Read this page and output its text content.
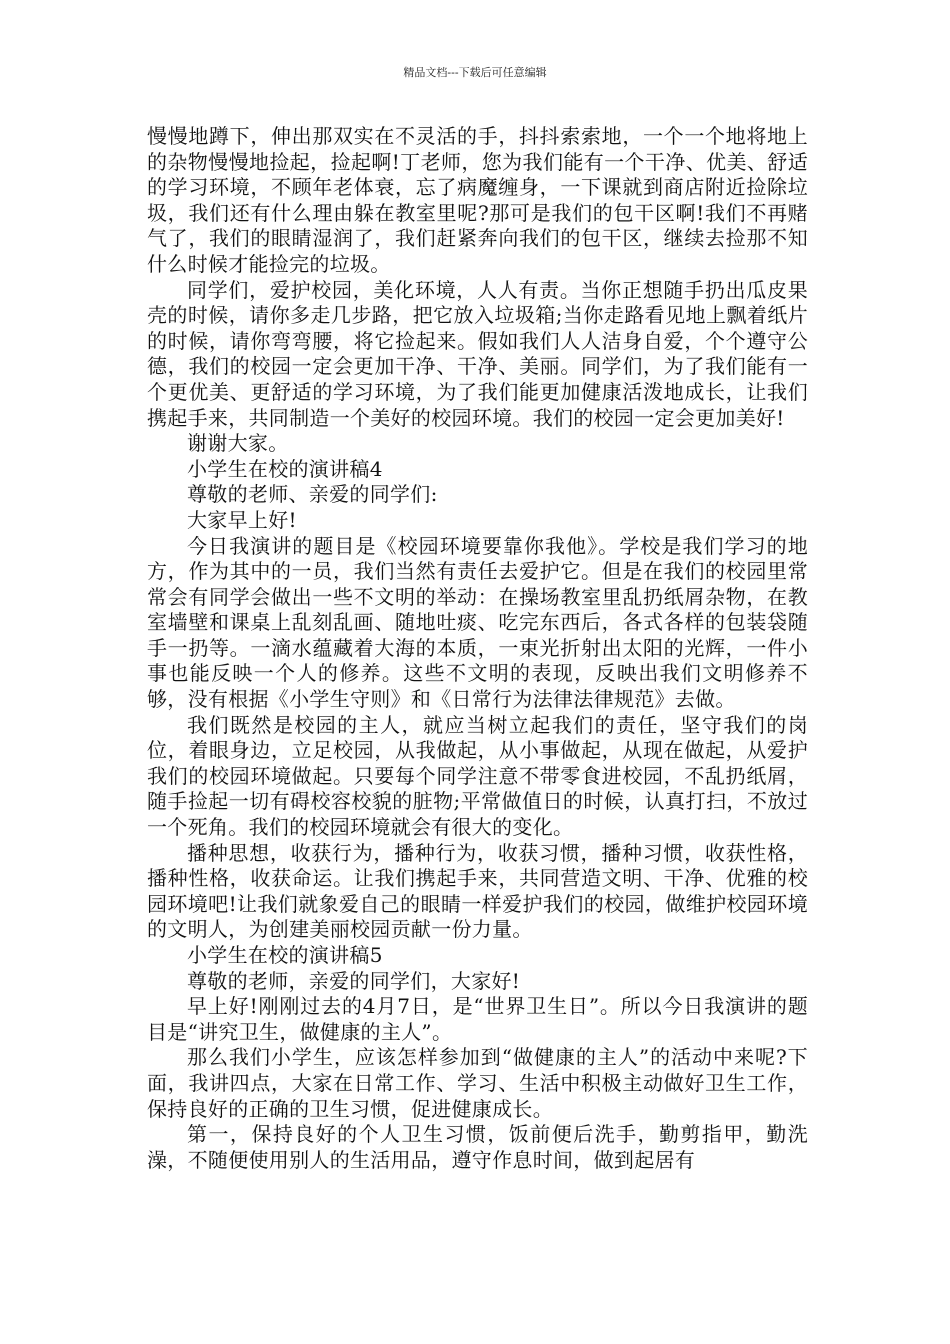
精品文档---下载后可任意编辑

慢慢地蹲下，伸出那双实在不灵活的手，抖抖索索地，一个一个地将地上的杂物慢慢地捡起，捡起啊!丁老师，您为我们能有一个干净、优美、舒适的学习环境，不顾年老体衰，忘了病魔缠身，一下课就到商店附近捡除垃圾，我们还有什么理由躲在教室里呢?那可是我们的包干区啊!我们不再赌气了，我们的眼睛湿润了，我们赶紧奔向我们的包干区，继续去捡那不知什么时候才能捡完的垃圾。

同学们，爱护校园，美化环境，人人有责。当你正想随手扔出瓜皮果壳的时候，请你多走几步路，把它放入垃圾箱;当你走路看见地上飘着纸片的时候，请你弯弯腰，将它捡起来。假如我们人人洁身自爱，个个遵守公德，我们的校园一定会更加干净、干净、美丽。同学们，为了我们能有一个更优美、更舒适的学习环境，为了我们能更加健康活泼地成长，让我们携起手来，共同制造一个美好的校园环境。我们的校园一定会更加美好!

谢谢大家。

小学生在校的演讲稿4

尊敬的老师、亲爱的同学们:

大家早上好!

今日我演讲的题目是《校园环境要靠你我他》。学校是我们学习的地方，作为其中的一员，我们当然有责任去爱护它。但是在我们的校园里常常会有同学会做出一些不文明的举动：在操场教室里乱扔纸屑杂物，在教室墙壁和课桌上乱刻乱画、随地吐痰、吃完东西后，各式各样的包装袋随手一扔等。一滴水蕴藏着大海的本质，一束光折射出太阳的光辉，一件小事也能反映一个人的修养。这些不文明的表现，反映出我们文明修养不够，没有根据《小学生守则》和《日常行为法律法律规范》去做。

我们既然是校园的主人，就应当树立起我们的责任，坚守我们的岗位，着眼身边，立足校园，从我做起，从小事做起，从现在做起，从爱护我们的校园环境做起。只要每个同学注意不带零食进校园，不乱扔纸屑，随手捡起一切有碍校容校貌的脏物;平常做值日的时候，认真打扫，不放过一个死角。我们的校园环境就会有很大的变化。

播种思想，收获行为，播种行为，收获习惯，播种习惯，收获性格，播种性格，收获命运。让我们携起手来，共同营造文明、干净、优雅的校园环境吧!让我们就象爱自己的眼睛一样爱护我们的校园，做维护校园环境的文明人，为创建美丽校园贡献一份力量。

小学生在校的演讲稿5

尊敬的老师，亲爱的同学们，大家好!

早上好!刚刚过去的4月7日，是“世界卫生日”。所以今日我演讲的题目是“讲究卫生，做健康的主人”。

那么我们小学生，应该怎样参加到“做健康的主人”的活动中来呢?下面，我讲四点，大家在日常工作、学习、生活中积极主动做好卫生工作，保持良好的正确的卫生习惯，促进健康成长。

第一，保持良好的个人卫生习惯，饭前便后洗手，勤剪指甲，勤洗澡，不随便使用别人的生活用品，遵守作息时间，做到起居有
